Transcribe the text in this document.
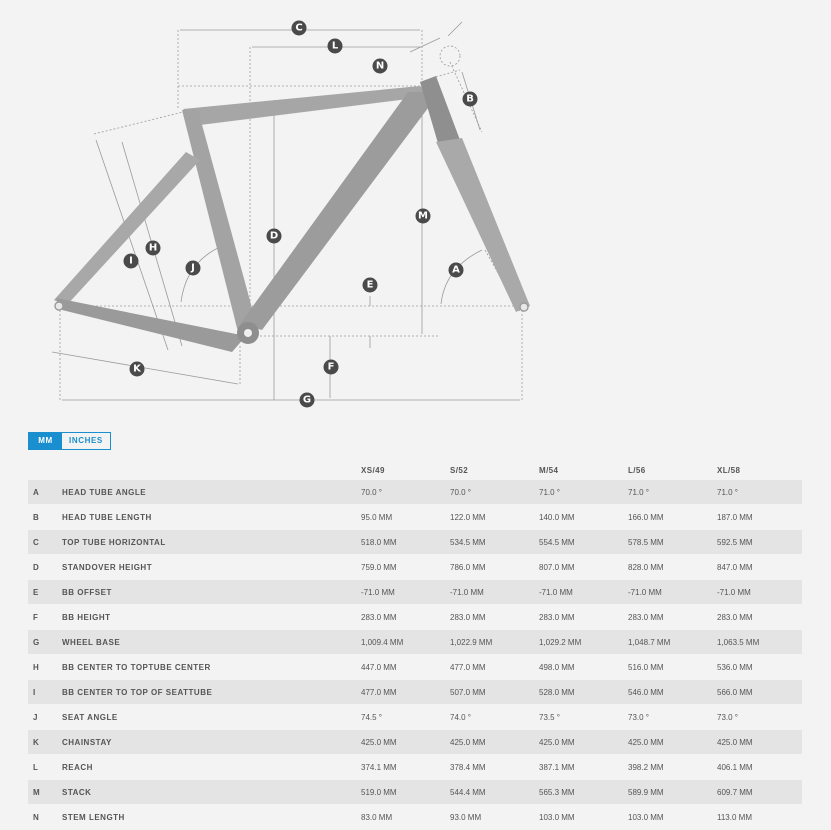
C
L
N
B
M
D
H
I
J	A
E
F
K
G
MM	INCHES
		XS/49	S/52	M/54	L/56	XL/58
A	HEAD TUBE ANGLE	70.0 °	70.0 °	71.0 °	71.0 °	71.0 °
B	HEAD TUBE LENGTH	95.0 MM	122.0 MM	140.0 MM	166.0 MM	187.0 MM
C	TOP TUBE HORIZONTAL	518.0 MM	534.5 MM	554.5 MM	578.5 MM	592.5 MM
D	STANDOVER HEIGHT	759.0 MM	786.0 MM	807.0 MM	828.0 MM	847.0 MM
E	BB OFFSET	-71.0 MM	-71.0 MM	-71.0 MM	-71.0 MM	-71.0 MM
F	BB HEIGHT	283.0 MM	283.0 MM	283.0 MM	283.0 MM	283.0 MM
G	WHEEL BASE	1,009.4 MM	1,022.9 MM	1,029.2 MM	1,048.7 MM	1,063.5 MM
H	BB CENTER TO TOPTUBE CENTER	447.0 MM	477.0 MM	498.0 MM	516.0 MM	536.0 MM
I	BB CENTER TO TOP OF SEATTUBE	477.0 MM	507.0 MM	528.0 MM	546.0 MM	566.0 MM
J	SEAT ANGLE	74.5 °	74.0 °	73.5 °	73.0 °	73.0 °
K	CHAINSTAY	425.0 MM	425.0 MM	425.0 MM	425.0 MM	425.0 MM
L	REACH	374.1 MM	378.4 MM	387.1 MM	398.2 MM	406.1 MM
M	STACK	519.0 MM	544.4 MM	565.3 MM	589.9 MM	609.7 MM
N	STEM LENGTH	83.0 MM	93.0 MM	103.0 MM	103.0 MM	113.0 MM
